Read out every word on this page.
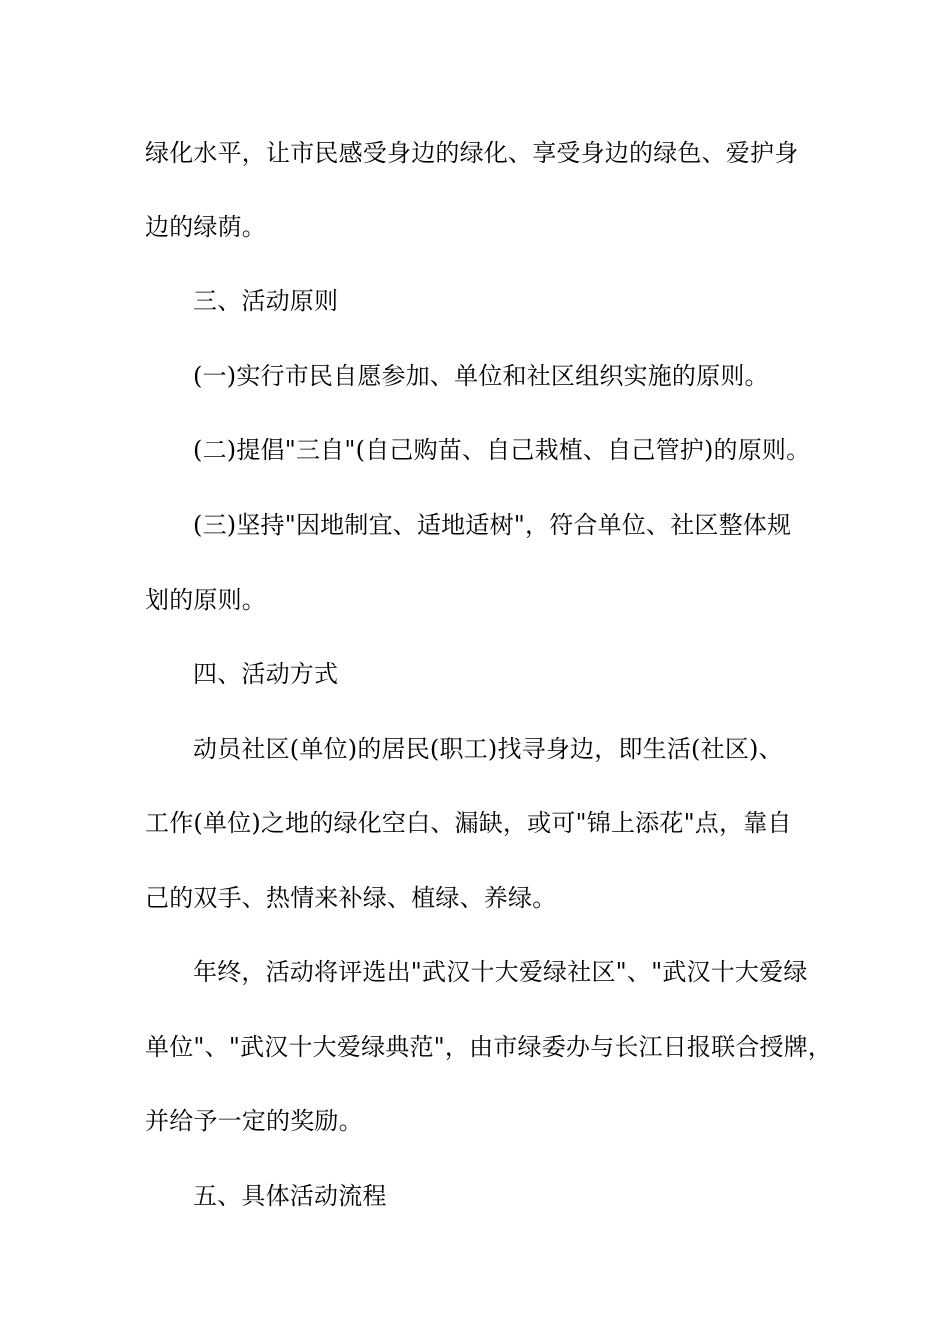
绿化水平，让市民感受身边的绿化、享受身边的绿色、爱护身
边的绿荫。
三、活动原则
(一)实行市民自愿参加、单位和社区组织实施的原则。
(二)提倡"三自"(自己购苗、自己栽植、自己管护)的原则。
(三)坚持"因地制宜、适地适树"，符合单位、社区整体规
划的原则。
四、活动方式
动员社区(单位)的居民(职工)找寻身边，即生活(社区)、
工作(单位)之地的绿化空白、漏缺，或可"锦上添花"点，靠自
己的双手、热情来补绿、植绿、养绿。
年终，活动将评选出"武汉十大爱绿社区"、"武汉十大爱绿
单位"、"武汉十大爱绿典范"，由市绿委办与长江日报联合授牌，
并给予一定的奖励。
五、具体活动流程
